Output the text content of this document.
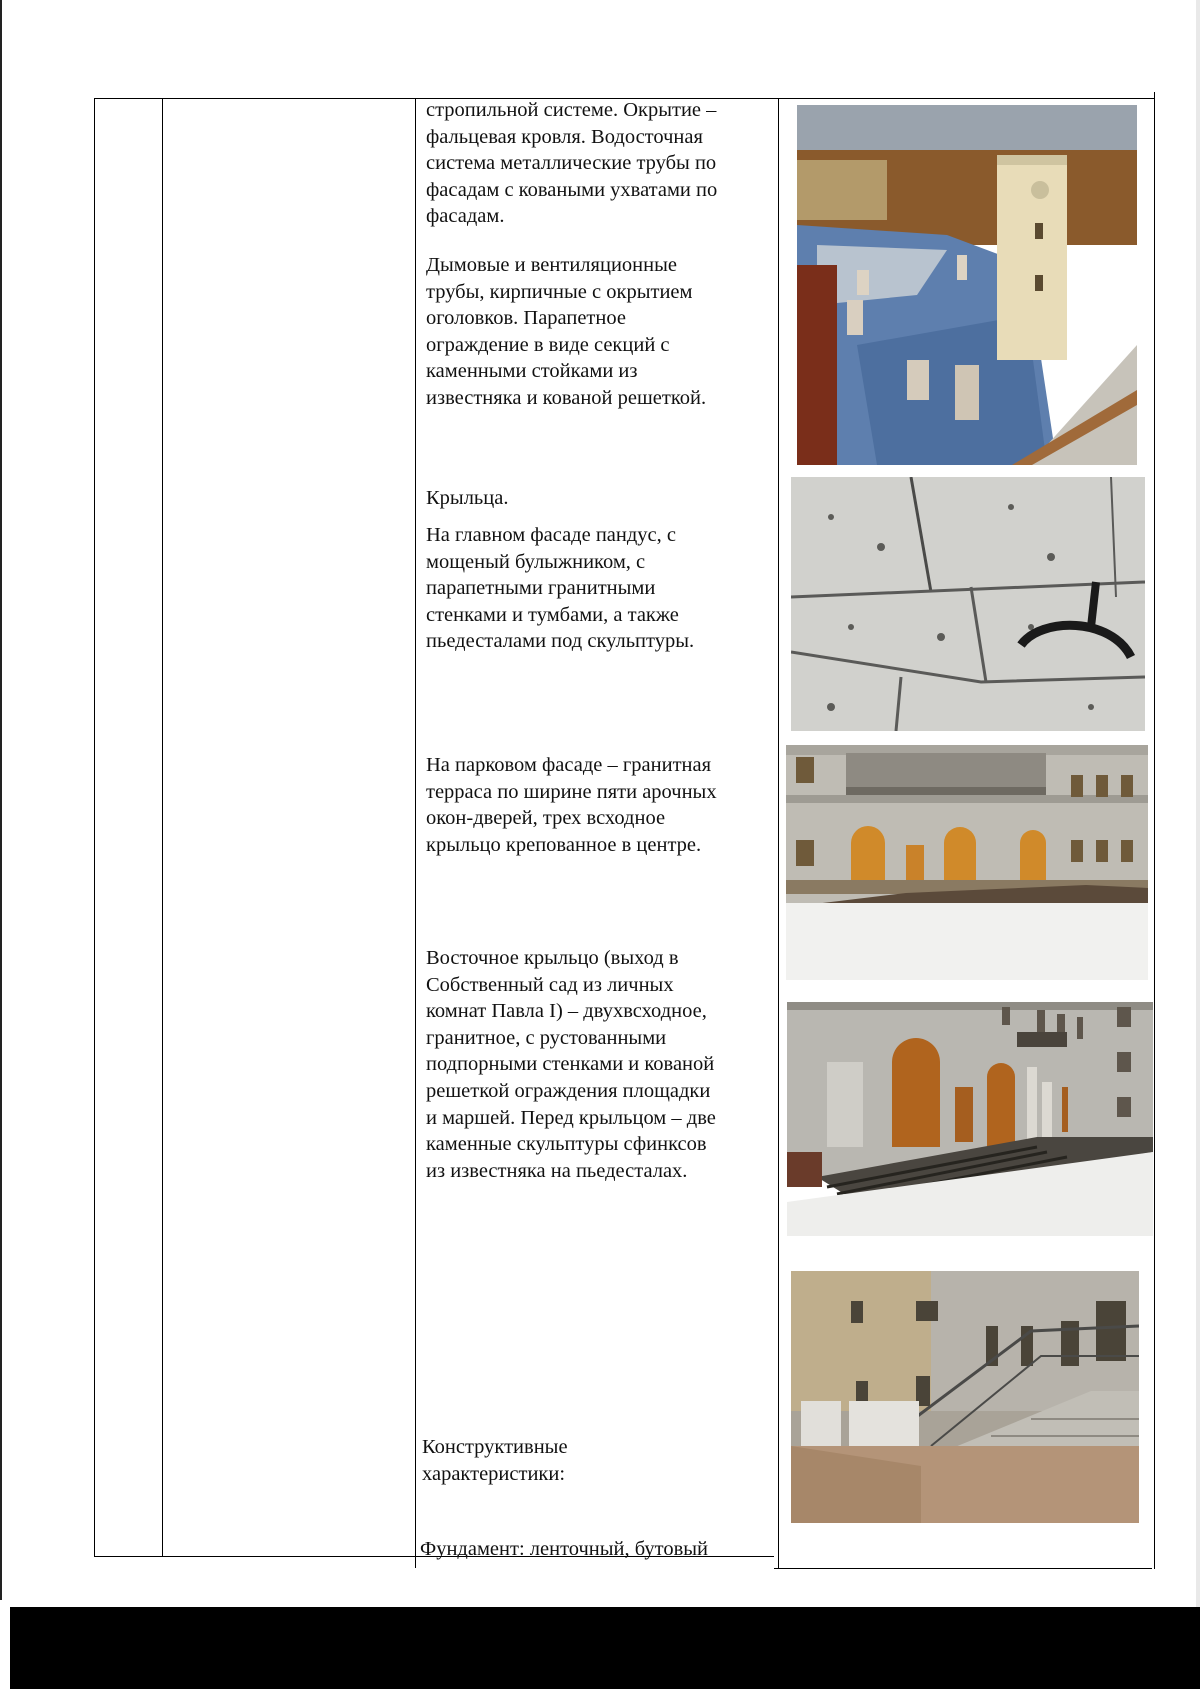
стропильной системе. Окрытие –
фальцевая кровля. Водосточная
система металлические трубы по
фасадам с коваными ухватами по
фасадам.

Дымовые и вентиляционные
трубы, кирпичные с окрытием
оголовков. Парапетное
ограждение в виде секций с
каменными стойками из
известняка и кованой решеткой.

Крыльца.

На главном фасаде пандус, с
мощеный булыжником, с
парапетными гранитными
стенками и тумбами, а также
пьедесталами под скульптуры.

На парковом фасаде – гранитная
терраса по ширине пяти арочных
окон-дверей, трех всходное
крыльцо крепованное в центре.

Восточное крыльцо (выход в
Собственный сад из личных
комнат Павла I) – двухвсходное,
гранитное, с рустованными
подпорными стенками и кованой
решеткой ограждения площадки
и маршей. Перед крыльцом – две
каменные скульптуры сфинксов
из известняка на пьедесталах.

Конструктивные
характеристики:

Фундамент: ленточный, бутовый
